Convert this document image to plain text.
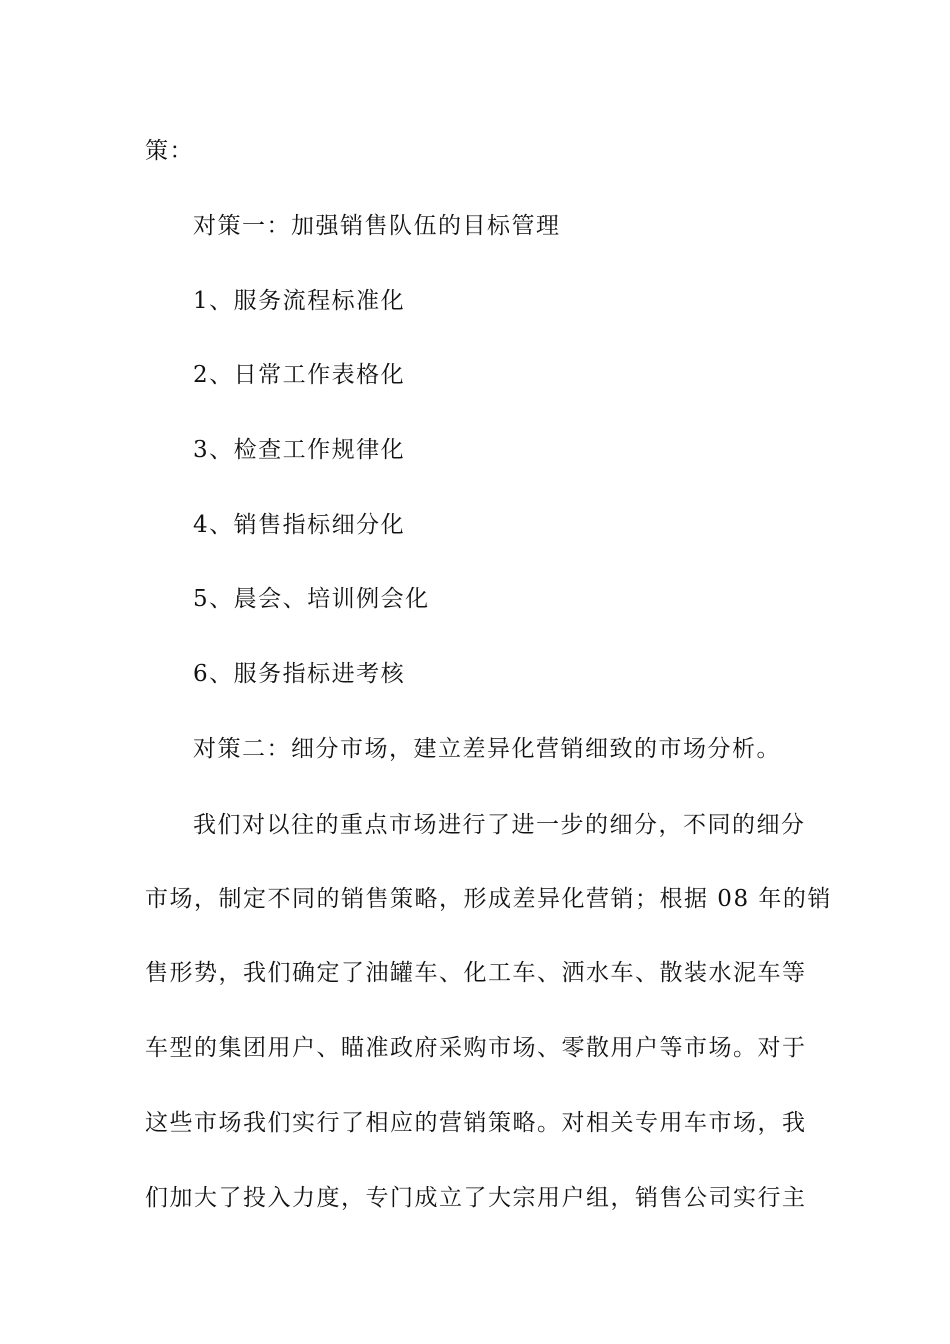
策：
对策一：加强销售队伍的目标管理
1、服务流程标准化
2、日常工作表格化
3、检查工作规律化
4、销售指标细分化
5、晨会、培训例会化
6、服务指标进考核
对策二：细分市场，建立差异化营销细致的市场分析。
我们对以往的重点市场进行了进一步的细分，不同的细分
市场，制定不同的销售策略，形成差异化营销；根据 08 年的销
售形势，我们确定了油罐车、化工车、洒水车、散装水泥车等
车型的集团用户、瞄准政府采购市场、零散用户等市场。对于
这些市场我们实行了相应的营销策略。对相关专用车市场，我
们加大了投入力度，专门成立了大宗用户组，销售公司实行主
